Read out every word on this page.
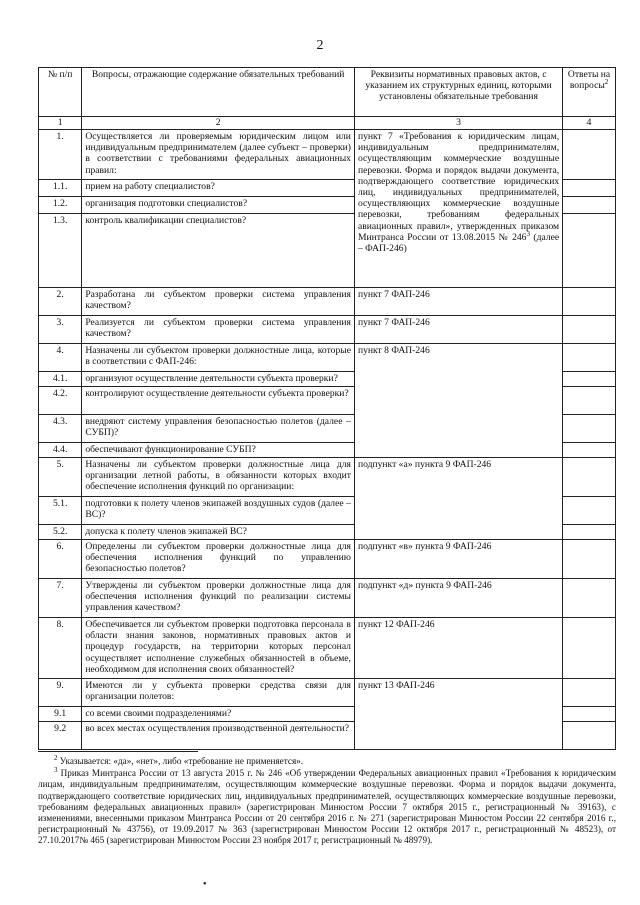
2
№ п/п	Вопросы, отражающие содержание обязательных требований	Реквизиты нормативных правовых актов, с указанием их структурных единиц, которыми установлены обязательные требования	Ответы на вопросы$^2$
1	2	3	4
1.	Осуществляется ли проверяемым юридическим лицом или индивидуальным предпринимателем (далее субъект – проверки) в соответствии с требованиями федеральных авиационных правил:	пункт 7 «Требования к юридическим лицам, индивидуальным предпринимателям, осуществляющим коммерческие воздушные перевозки. Форма и порядок выдачи документа, подтверждающего соответствие юридических лиц, индивидуальных предпринимателей, осуществляющих коммерческие воздушные перевозки, требованиям федеральных авиационных правил», утвержденных приказом Минтранса России от 13.08.2015 № $246^3$ (далее – ФАП-246)	
1.1.	прием на работу специалистов?		
1.2.	организация подготовки специалистов?		
1.3.	контроль квалификации специалистов?		
2.	Разработана ли субъектом проверки система управления качеством?	пункт 7 ФАП-246	
3.	Реализуется ли субъектом проверки система управления качеством?	пункт 7 ФАП-246	
4.	Назначены ли субъектом проверки должностные лица, которые в соответствии с ФАП-246:	пункт 8 ФАП-246	
4.1.	организуют осуществление деятельности субъекта проверки?		
4.2.	контролируют осуществление деятельности субъекта проверки?		
4.3.	внедряют систему управления безопасностью полетов (далее – СУБП)?		
4.4.	обеспечивают функционирование СУБП?		
5.	Назначены ли субъектом проверки должностные лица для организации летной работы, в обязанности которых входит обеспечение исполнения функций по организации:	подпункт «а» пункта 9 ФАП-246	
5.1.	подготовки к полету членов экипажей воздушных судов (далее – ВС)?		
5.2.	допуска к полету членов экипажей ВС?		
6.	Определены ли субъектом проверки должностные лица для обеспечения исполнения функций по управлению безопасностью полетов?	подпункт «в» пункта 9 ФАП-246	
7.	Утверждены ли субъектом проверки должностные лица для обеспечения исполнения функций по реализации системы управления качеством?	подпункт «д» пункта 9 ФАП-246	
8.	Обеспечивается ли субъектом проверки подготовка персонала в области знания законов, нормативных правовых актов и процедур государств, на территории которых персонал осуществляет исполнение служебных обязанностей в объеме, необходимом для исполнения своих обязанностей?	пункт 12 ФАП-246	
9.	Имеются ли у субъекта проверки средства связи для организации полетов:	пункт 13 ФАП-246	
9.1	со всеми своими подразделениями?		
9.2	во всех местах осуществления производственной деятельности?		

$^2$ Указывается: «да», «нет», либо «требование не применяется».

$^3$ Приказ Минтранса России от 13 августа 2015 г. № 246 «Об утверждении Федеральных авиационных правил «Требования к юридическим лицам, индивидуальным предпринимателям, осуществляющим коммерческие воздушные перевозки. Форма и порядок выдачи документа, подтверждающего соответствие юридических лиц, индивидуальных предпринимателей, осуществляющих коммерческие воздушные перевозки, требованиям федеральных авиационных правил» (зарегистрирован Минюстом России 7 октября 2015 г., регистрационный № 39163), с изменениями, внесенными приказом Минтранса России от 20 сентября 2016 г. № 271 (зарегистрирован Минюстом России 22 сентября 2016 г., регистрационный № 43756), от 19.09.2017 № 363 (зарегистрирован Минюстом России 12 октября 2017 г., регистрационный № 48523), от 27.10.2017№ 465 (зарегистрирован Минюстом России 23 ноября 2017 г, регистрационный № 48979).

•
